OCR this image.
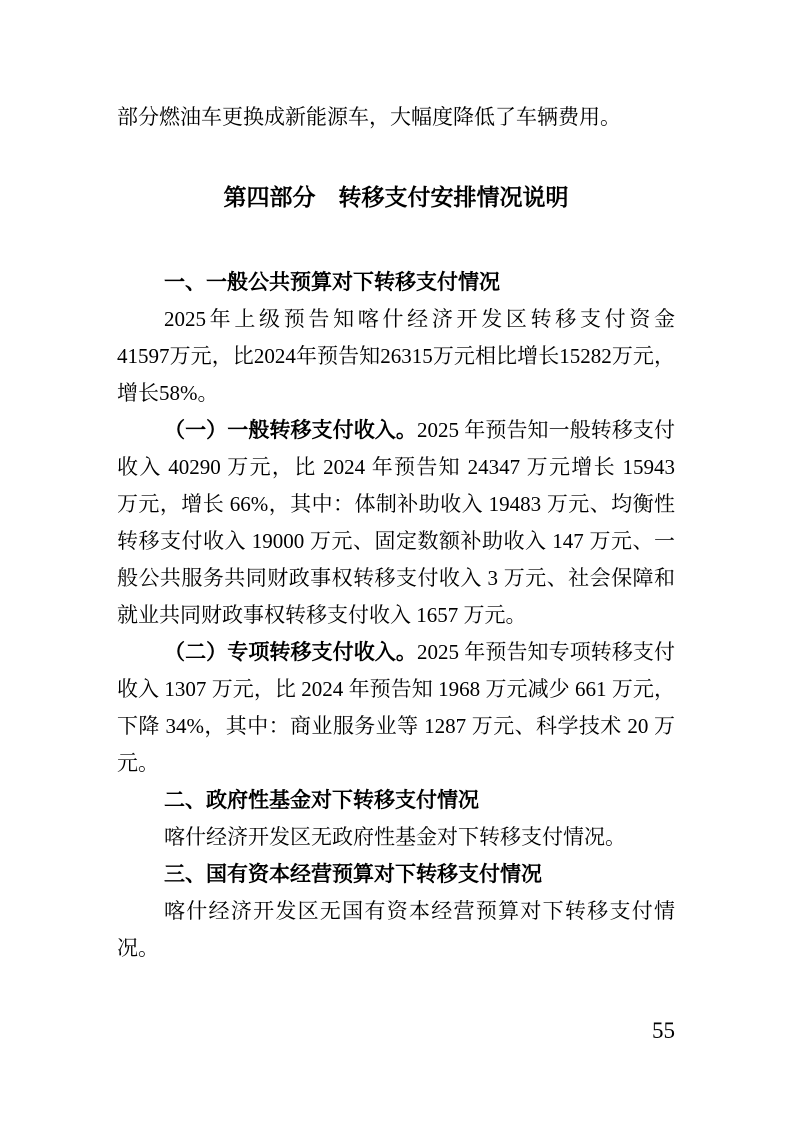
部分燃油车更换成新能源车，大幅度降低了车辆费用。
第四部分　转移支付安排情况说明
一、一般公共预算对下转移支付情况
2025年上级预告知喀什经济开发区转移支付资金
41597万元，比2024年预告知26315万元相比增长15282万元，
增长58%。
（一）一般转移支付收入。2025 年预告知一般转移支付
收入 40290 万元，比 2024 年预告知 24347 万元增长 15943
万元，增长 66%，其中：体制补助收入 19483 万元、均衡性
转移支付收入 19000 万元、固定数额补助收入 147 万元、一
般公共服务共同财政事权转移支付收入 3 万元、社会保障和
就业共同财政事权转移支付收入 1657 万元。
（二）专项转移支付收入。2025 年预告知专项转移支付
收入 1307 万元，比 2024 年预告知 1968 万元减少 661 万元，
下降 34%，其中：商业服务业等 1287 万元、科学技术 20 万
元。
二、政府性基金对下转移支付情况
喀什经济开发区无政府性基金对下转移支付情况。
三、国有资本经营预算对下转移支付情况
喀什经济开发区无国有资本经营预算对下转移支付情
况。
55
